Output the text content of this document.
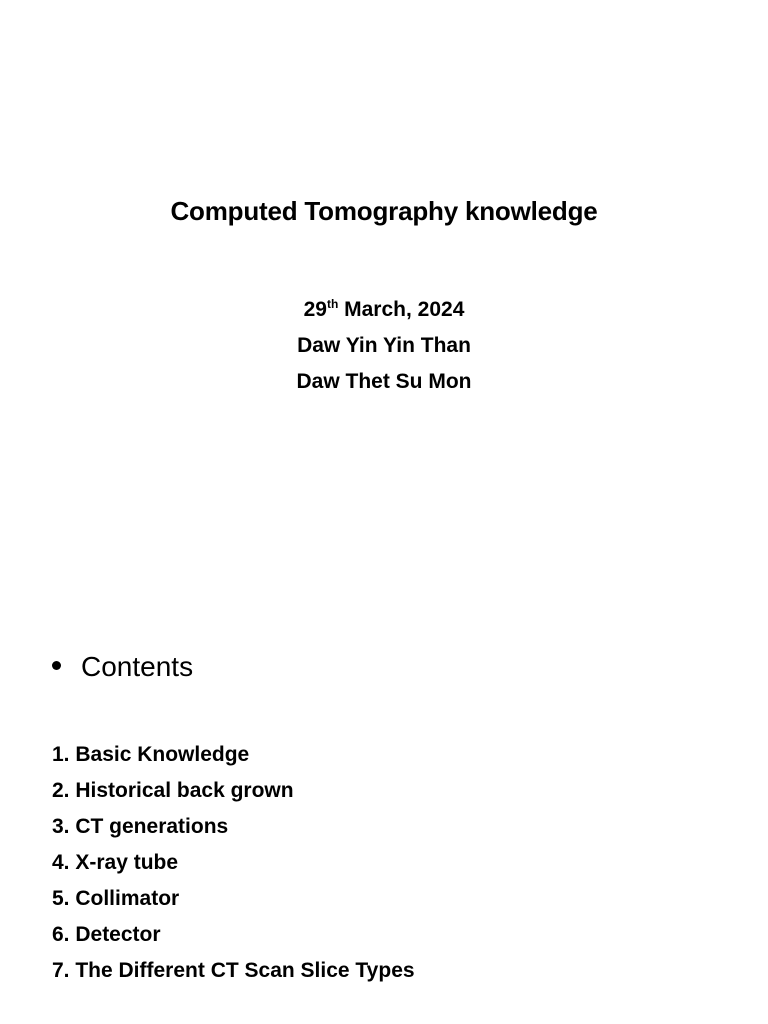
Computed Tomography knowledge
29th March, 2024
Daw Yin Yin Than
Daw Thet Su Mon
Contents
1. Basic Knowledge
2. Historical back grown
3. CT generations
4. X-ray tube
5. Collimator
6. Detector
7. The Different CT Scan Slice Types
